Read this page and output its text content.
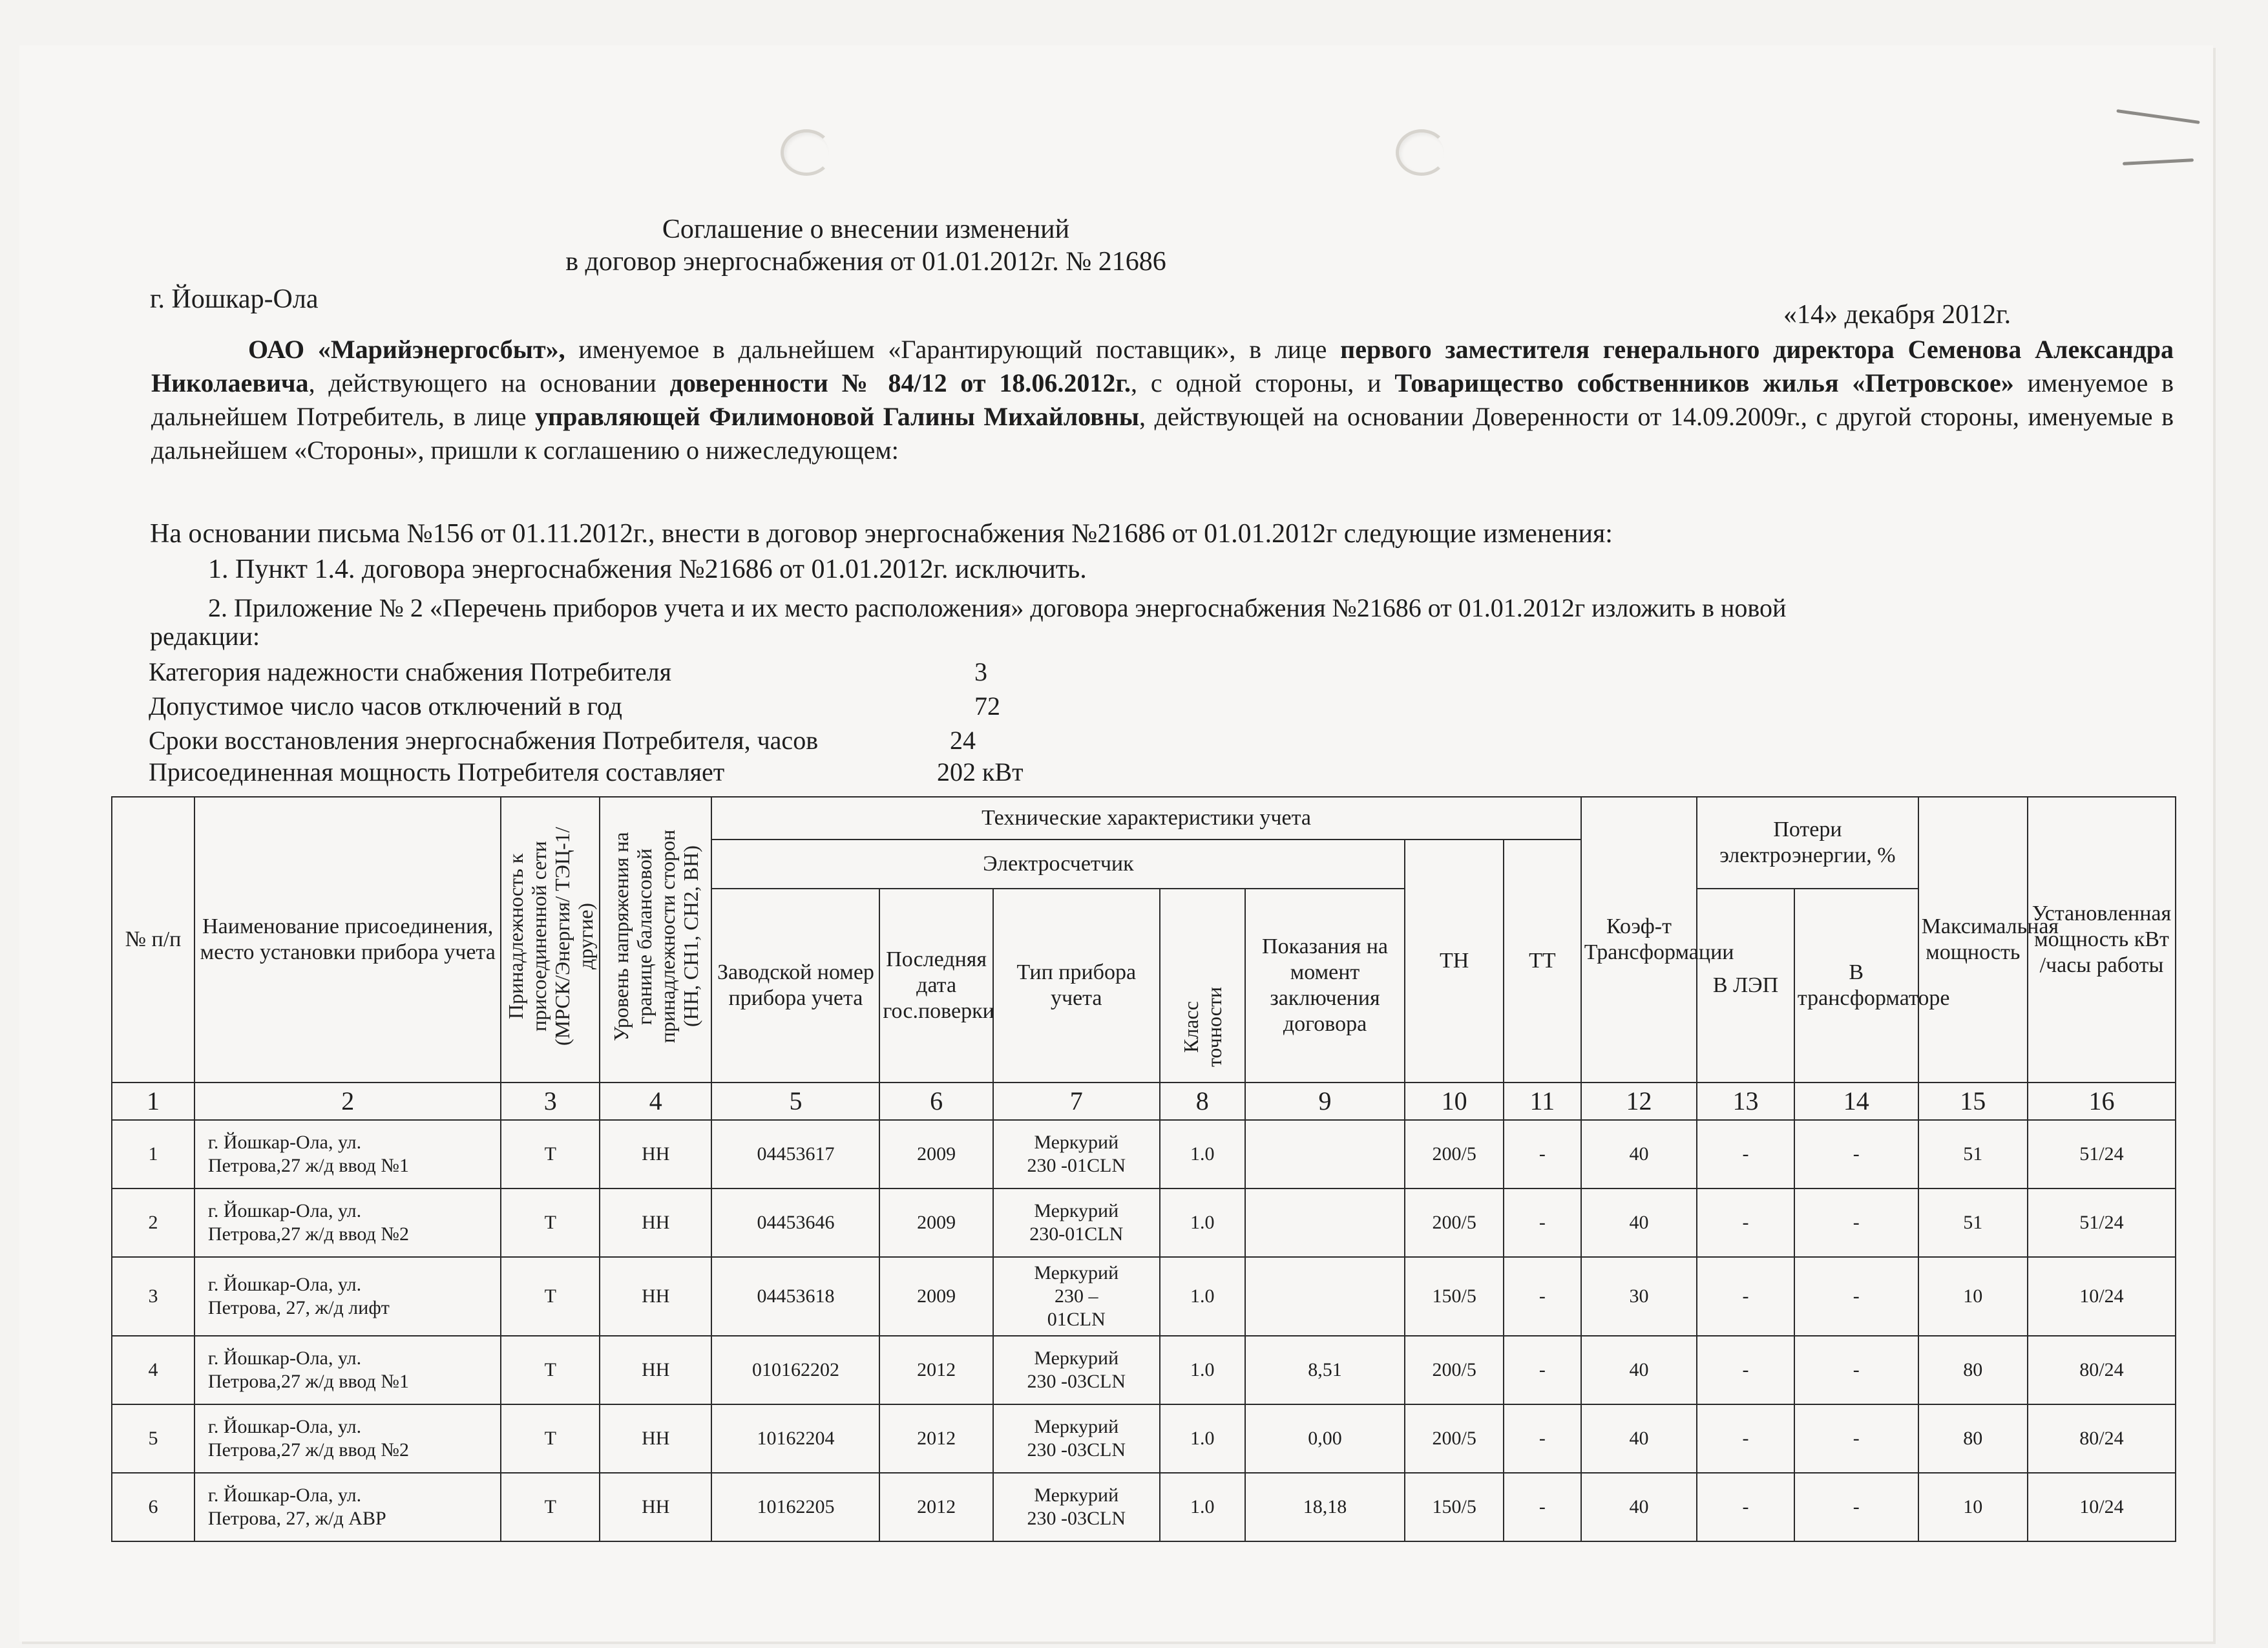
Соглашение о внесении изменений
в договор энергоснабжения от 01.01.2012г. № 21686
г. Йошкар-Ола
«14» декабря 2012г.
ОАО «Марийэнергосбыт», именуемое в дальнейшем «Гарантирующий поставщик», в лице первого заместителя генерального директора Семенова Александра Николаевича, действующего на основании доверенности № 84/12 от 18.06.2012г., с одной стороны, и Товарищество собственников жилья «Петровское» именуемое в дальнейшем Потребитель, в лице управляющей Филимоновой Галины Михайловны, действующей на основании Доверенности от 14.09.2009г., с другой стороны, именуемые в дальнейшем «Стороны», пришли к соглашению о нижеследующем:
На основании письма №156 от 01.11.2012г., внести в договор энергоснабжения №21686 от 01.01.2012г следующие изменения:
1. Пункт 1.4. договора энергоснабжения №21686 от 01.01.2012г. исключить.
2. Приложение № 2 «Перечень приборов учета и их место расположения» договора энергоснабжения №21686 от 01.01.2012г изложить в новой
редакции:
Категория надежности снабжения Потребителя	3
Допустимое число часов отключений в год	72
Сроки восстановления энергоснабжения Потребителя, часов	24
Присоединенная мощность Потребителя составляет	202 кВт
№ п/п	Наименование присоединения, место установки прибора учета	Принадлежность к присоединенной сети (МРСК/Энергия/ ТЭЦ-1/другие)	Уровень напряжения на границе балансовой принадлежности сторон (НН, СН1, СН2, ВН)	Технические характеристики учета							Коэф-т Трансформации	Потери электроэнергии, %		Максимальная мощность	Установленная мощность кВт /часы работы
				Электросчетчик					ТН	ТТ					
				Заводской номер прибора учета	Последняя дата гос.поверки	Тип прибора учета	Класс точности	Показания на момент заключения договора				В ЛЭП	В трансформаторе		
1	2	3	4	5	6	7	8	9	10	11	12	13	14	15	16
1	г. Йошкар-Ола, ул.
Петрова,27 ж/д ввод №1	Т	НН	04453617	2009	Меркурий
230 -01CLN	1.0		200/5	-	40	-	-	51	51/24
2	г. Йошкар-Ола, ул.
Петрова,27 ж/д ввод №2	Т	НН	04453646	2009	Меркурий
230-01CLN	1.0		200/5	-	40	-	-	51	51/24
3	г. Йошкар-Ола, ул.
Петрова, 27, ж/д лифт	Т	НН	04453618	2009	Меркурий
230 –
01CLN	1.0		150/5	-	30	-	-	10	10/24
4	г. Йошкар-Ола, ул.
Петрова,27 ж/д ввод №1	Т	НН	010162202	2012	Меркурий
230 -03CLN	1.0	8,51	200/5	-	40	-	-	80	80/24
5	г. Йошкар-Ола, ул.
Петрова,27 ж/д ввод №2	Т	НН	10162204	2012	Меркурий
230 -03CLN	1.0	0,00	200/5	-	40	-	-	80	80/24
6	г. Йошкар-Ола, ул.
Петрова, 27, ж/д АВР	Т	НН	10162205	2012	Меркурий
230 -03CLN	1.0	18,18	150/5	-	40	-	-	10	10/24
